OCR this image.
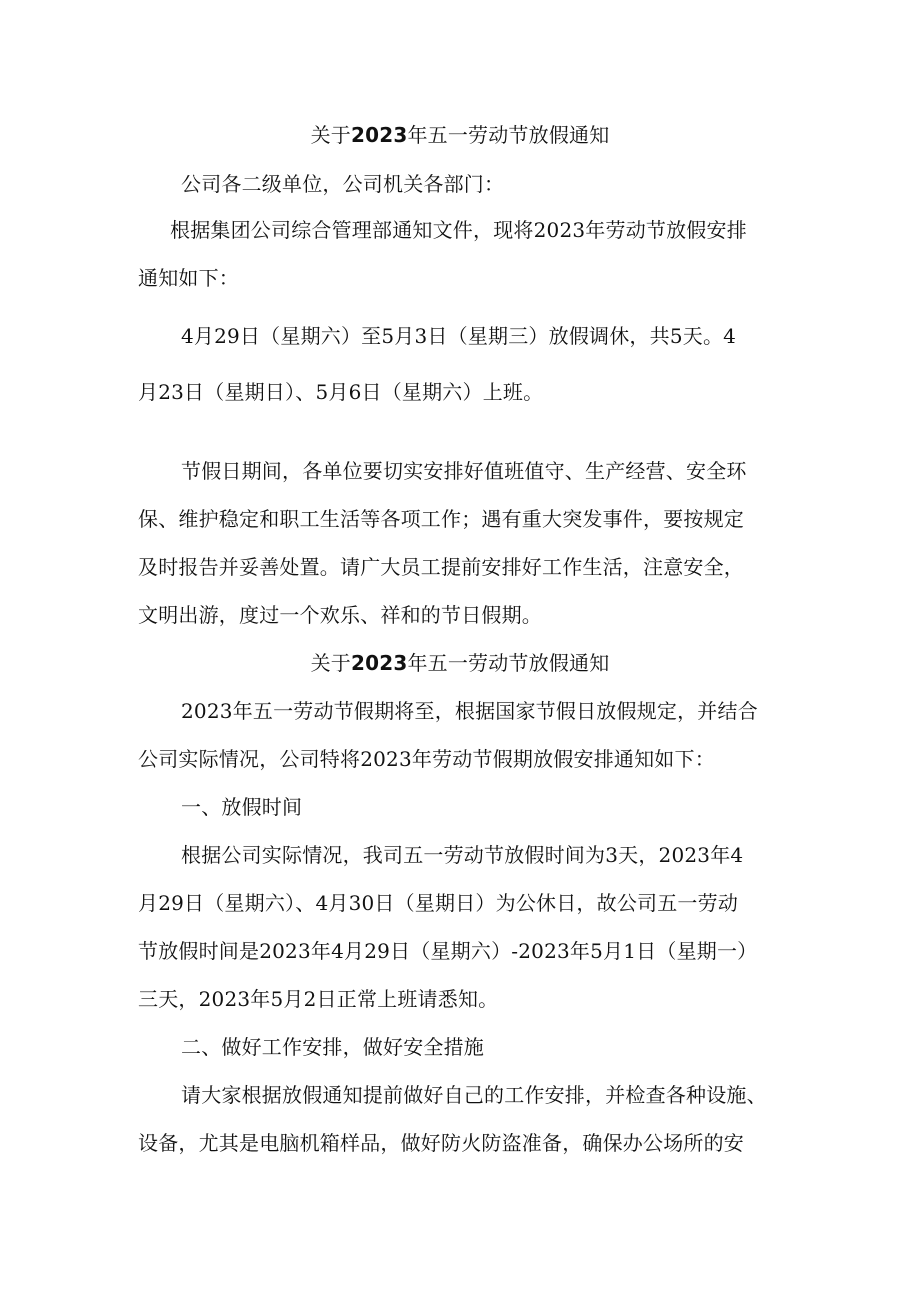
关于2023年五一劳动节放假通知
公司各二级单位，公司机关各部门：
根据集团公司综合管理部通知文件，现将2023年劳动节放假安排
通知如下：
4月29日（星期六）至5月3日（星期三）放假调休，共5天。4
月23日（星期日）、5月6日（星期六）上班。
节假日期间，各单位要切实安排好值班值守、生产经营、安全环
保、维护稳定和职工生活等各项工作；遇有重大突发事件，要按规定
及时报告并妥善处置。请广大员工提前安排好工作生活，注意安全，
文明出游，度过一个欢乐、祥和的节日假期。
关于2023年五一劳动节放假通知
2023年五一劳动节假期将至，根据国家节假日放假规定，并结合
公司实际情况，公司特将2023年劳动节假期放假安排通知如下：
一、放假时间
根据公司实际情况，我司五一劳动节放假时间为3天，2023年4
月29日（星期六）、4月30日（星期日）为公休日，故公司五一劳动
节放假时间是2023年4月29日（星期六）-2023年5月1日（星期一）
三天，2023年5月2日正常上班请悉知。
二、做好工作安排，做好安全措施
请大家根据放假通知提前做好自己的工作安排，并检查各种设施、
设备，尤其是电脑机箱样品，做好防火防盗准备，确保办公场所的安
